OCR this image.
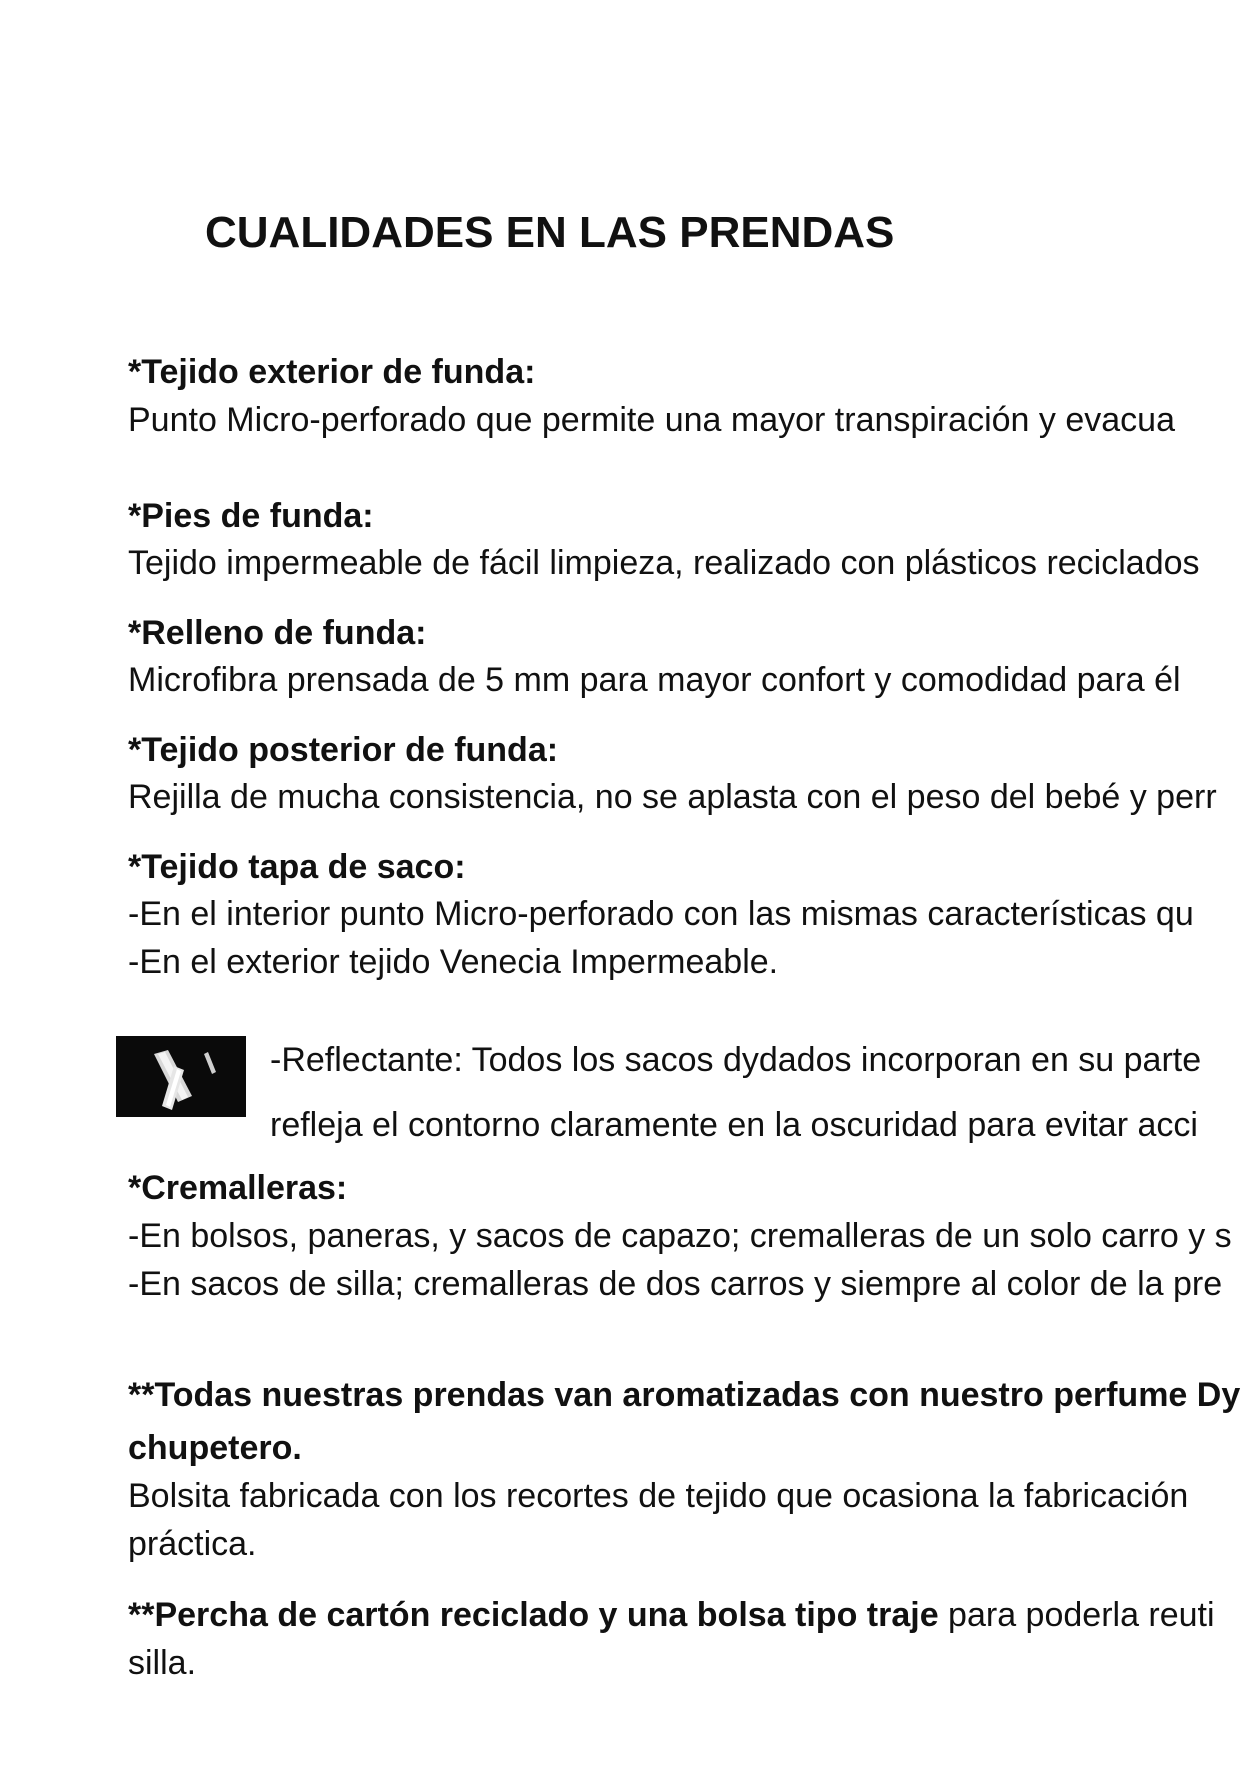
CUALIDADES EN LAS PRENDAS
*Tejido exterior de funda:
Punto Micro-perforado que permite una mayor transpiración y evacua
*Pies de funda:
Tejido impermeable de fácil limpieza, realizado con plásticos reciclados
*Relleno de funda:
Microfibra prensada de 5 mm para mayor confort y comodidad para él
*Tejido posterior de funda:
Rejilla de mucha consistencia, no se aplasta con el peso del bebé y perr
*Tejido tapa de saco:
-En el interior punto Micro-perforado con las mismas características qu
-En el exterior tejido Venecia Impermeable.
-Reflectante: Todos los sacos dydados incorporan en su parte
refleja el contorno claramente en la oscuridad para evitar acci
*Cremalleras:
-En bolsos, paneras, y sacos de capazo; cremalleras de un solo carro y s
-En sacos de silla; cremalleras de dos carros y siempre al color de la pre
**Todas nuestras prendas van aromatizadas con nuestro perfume Dy
chupetero.
Bolsita fabricada con los recortes de tejido que ocasiona la fabricación
práctica.
**Percha de cartón reciclado y una bolsa tipo traje para poderla reuti
silla.
